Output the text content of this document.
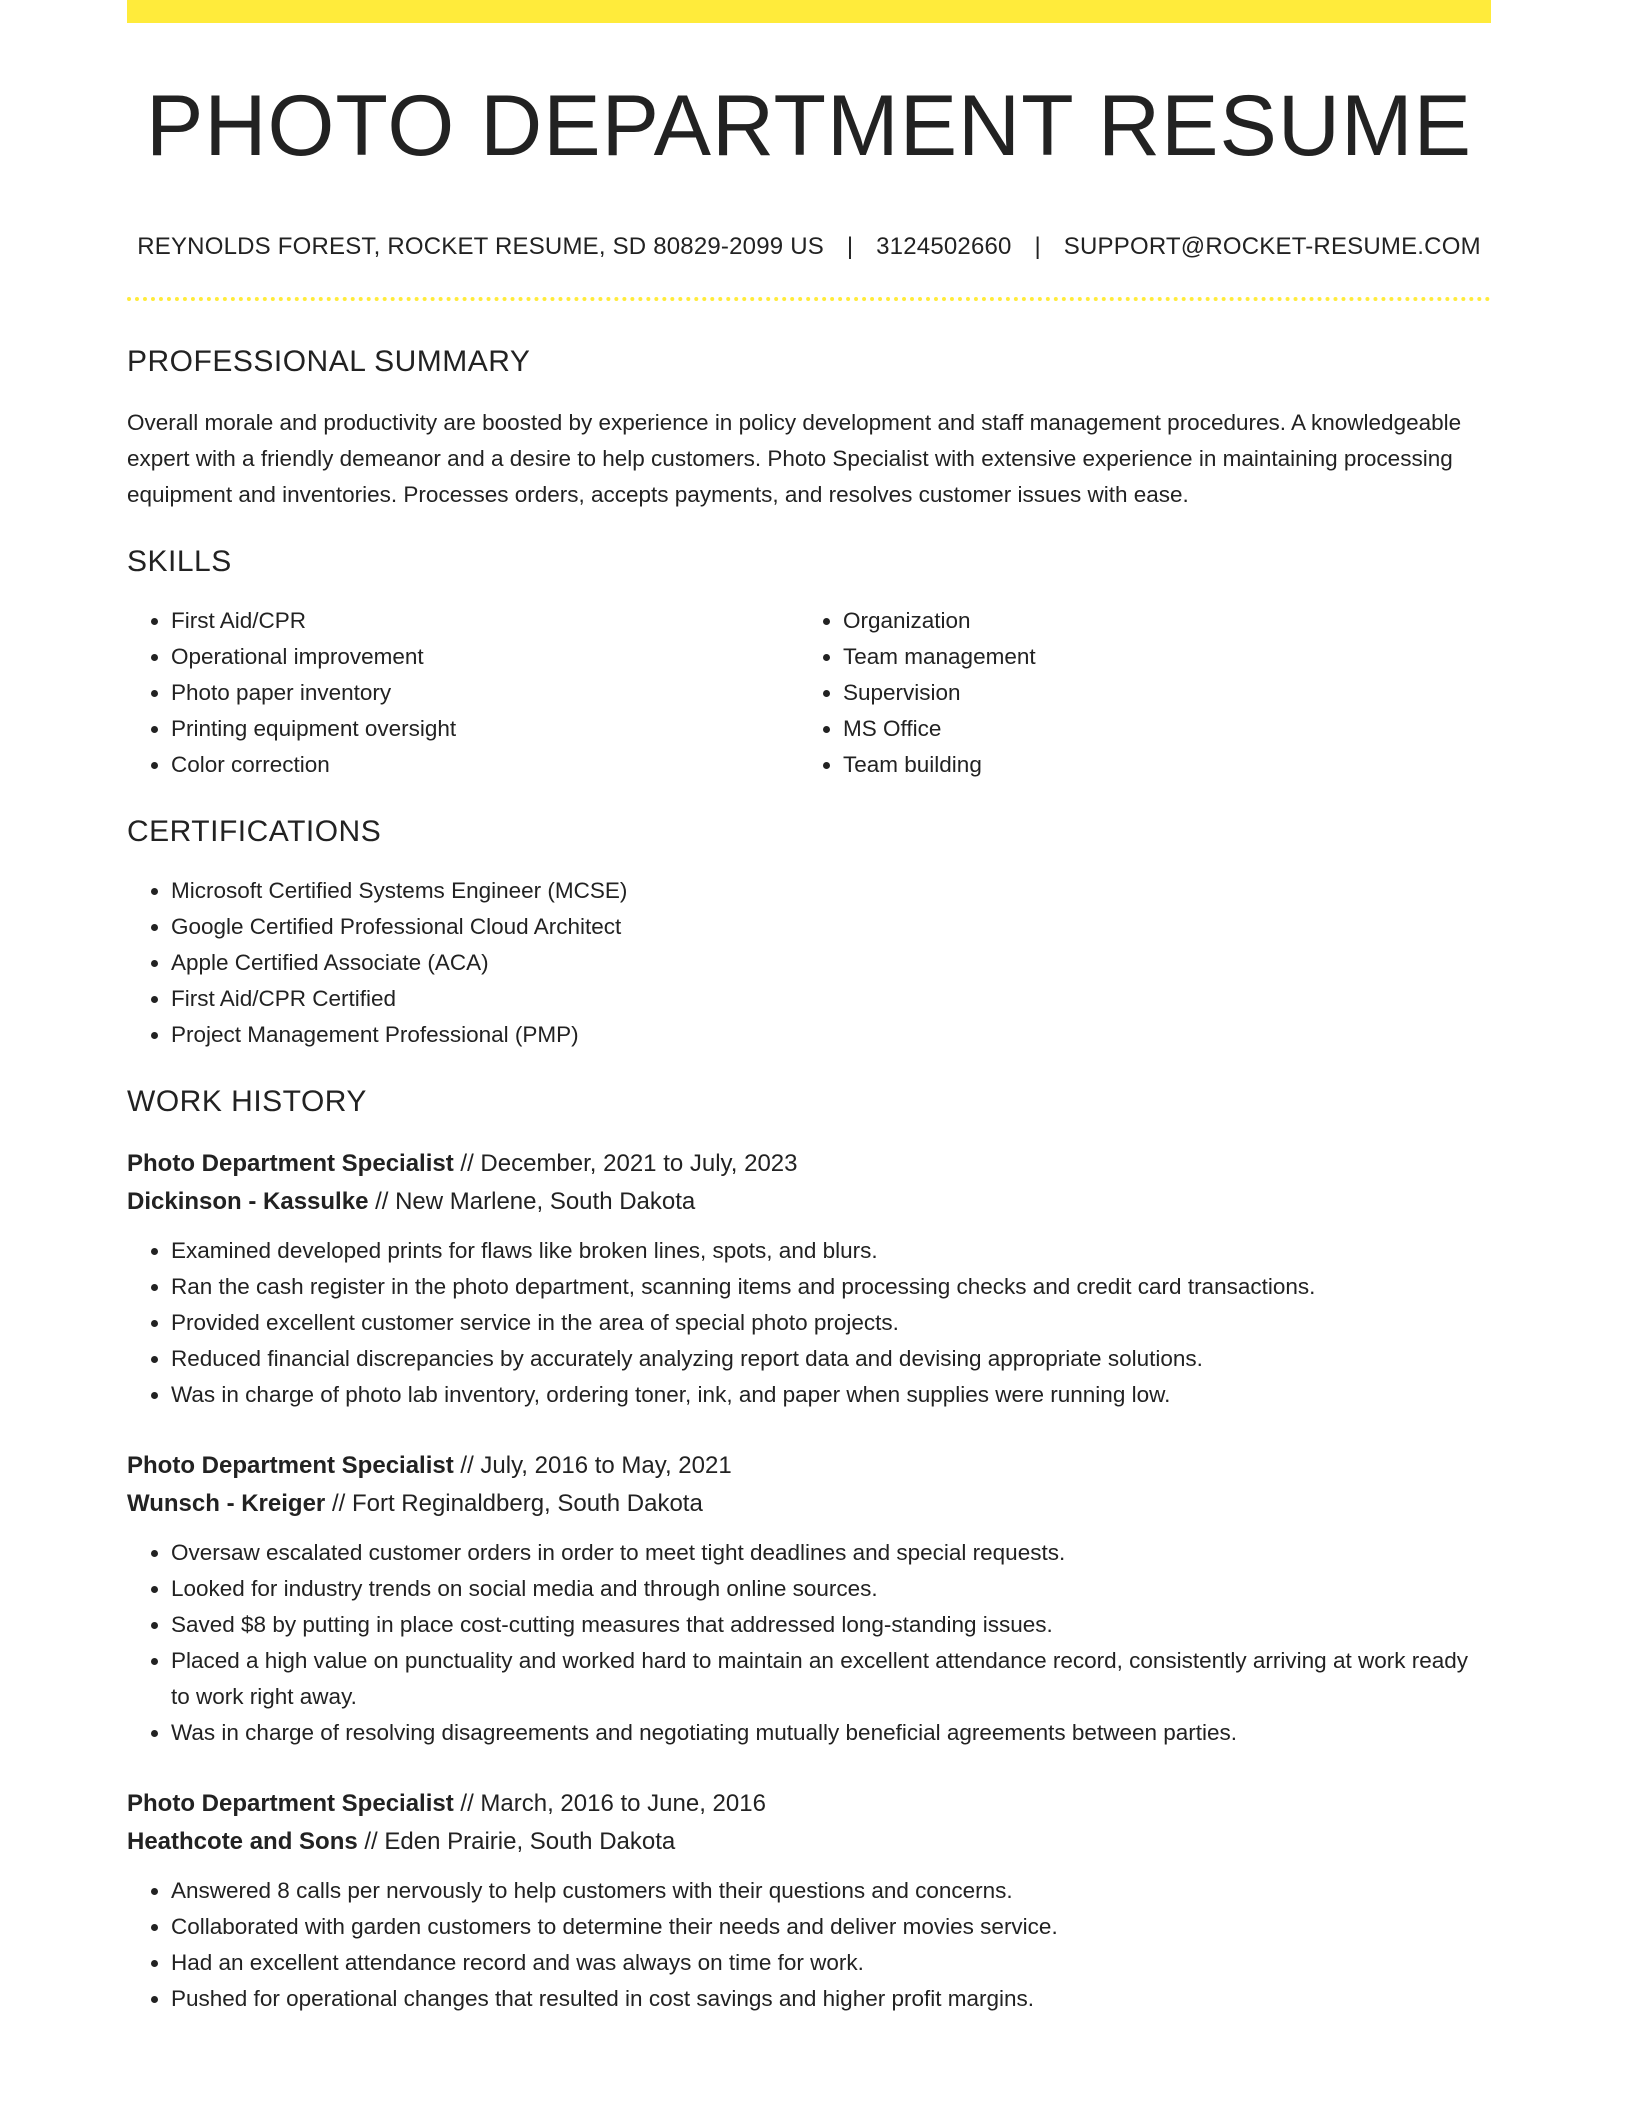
PHOTO DEPARTMENT RESUME
REYNOLDS FOREST, ROCKET RESUME, SD 80829-2099 US | 3124502660 | SUPPORT@ROCKET-RESUME.COM
PROFESSIONAL SUMMARY

Overall morale and productivity are boosted by experience in policy development and staff management procedures. A knowledgeable expert with a friendly demeanor and a desire to help customers. Photo Specialist with extensive experience in maintaining processing equipment and inventories. Processes orders, accepts payments, and resolves customer issues with ease.

SKILLS
• First Aid/CPR
• Operational improvement
• Photo paper inventory
• Printing equipment oversight
• Color correction
• Organization
• Team management
• Supervision
• MS Office
• Team building
CERTIFICATIONS
• Microsoft Certified Systems Engineer (MCSE)
• Google Certified Professional Cloud Architect
• Apple Certified Associate (ACA)
• First Aid/CPR Certified
• Project Management Professional (PMP)
WORK HISTORY
Photo Department Specialist // December, 2021 to July, 2023
Dickinson - Kassulke // New Marlene, South Dakota
• Examined developed prints for flaws like broken lines, spots, and blurs.
• Ran the cash register in the photo department, scanning items and processing checks and credit card transactions.
• Provided excellent customer service in the area of special photo projects.
• Reduced financial discrepancies by accurately analyzing report data and devising appropriate solutions.
• Was in charge of photo lab inventory, ordering toner, ink, and paper when supplies were running low.
Photo Department Specialist // July, 2016 to May, 2021
Wunsch - Kreiger // Fort Reginaldberg, South Dakota
• Oversaw escalated customer orders in order to meet tight deadlines and special requests.
• Looked for industry trends on social media and through online sources.
• Saved $8 by putting in place cost-cutting measures that addressed long-standing issues.
• Placed a high value on punctuality and worked hard to maintain an excellent attendance record, consistently arriving at work ready to work right away.
• Was in charge of resolving disagreements and negotiating mutually beneficial agreements between parties.
Photo Department Specialist // March, 2016 to June, 2016
Heathcote and Sons // Eden Prairie, South Dakota
• Answered 8 calls per nervously to help customers with their questions and concerns.
• Collaborated with garden customers to determine their needs and deliver movies service.
• Had an excellent attendance record and was always on time for work.
• Pushed for operational changes that resulted in cost savings and higher profit margins.
